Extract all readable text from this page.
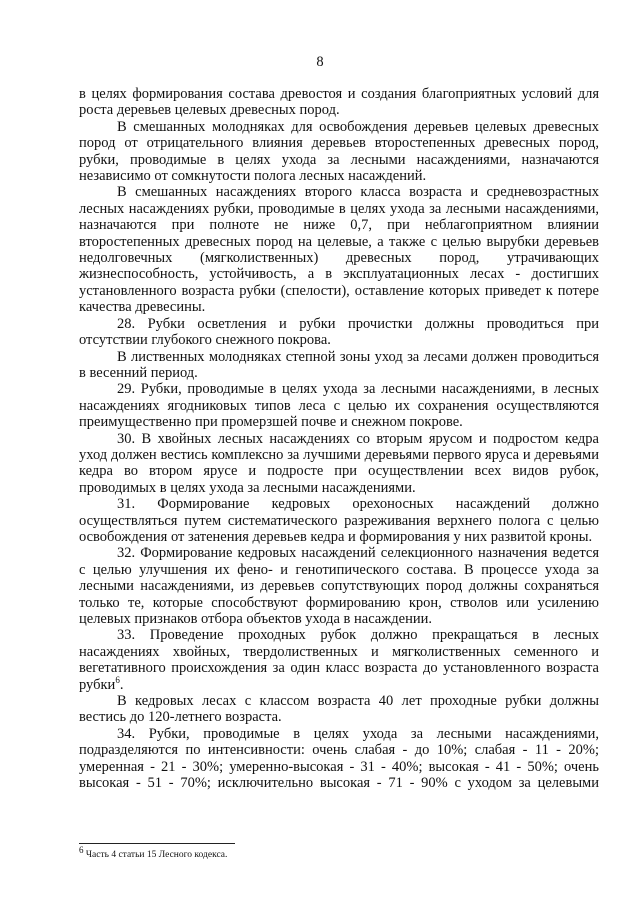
8

в целях формирования состава древостоя и создания благоприятных условий для роста деревьев целевых древесных пород.

В смешанных молодняках для освобождения деревьев целевых древесных пород от отрицательного влияния деревьев второстепенных древесных пород, рубки, проводимые в целях ухода за лесными насаждениями, назначаются независимо от сомкнутости полога лесных насаждений.

В смешанных насаждениях второго класса возраста и средневозрастных лесных насаждениях рубки, проводимые в целях ухода за лесными насаждениями, назначаются при полноте не ниже 0,7, при неблагоприятном влиянии второстепенных древесных пород на целевые, а также с целью вырубки деревьев недолговечных (мягколиственных) древесных пород, утрачивающих жизнеспособность, устойчивость, а в эксплуатационных лесах - достигших установленного возраста рубки (спелости), оставление которых приведет к потере качества древесины.

28. Рубки осветления и рубки прочистки должны проводиться при отсутствии глубокого снежного покрова.

В лиственных молодняках степной зоны уход за лесами должен проводиться в весенний период.

29. Рубки, проводимые в целях ухода за лесными насаждениями, в лесных насаждениях ягодниковых типов леса с целью их сохранения осуществляются преимущественно при промерзшей почве и снежном покрове.

30. В хвойных лесных насаждениях со вторым ярусом и подростом кедра уход должен вестись комплексно за лучшими деревьями первого яруса и деревьями кедра во втором ярусе и подросте при осуществлении всех видов рубок, проводимых в целях ухода за лесными насаждениями.

31. Формирование кедровых орехоносных насаждений должно осуществляться путем систематического разреживания верхнего полога с целью освобождения от затенения деревьев кедра и формирования у них развитой кроны.

32. Формирование кедровых насаждений селекционного назначения ведется с целью улучшения их фено- и генотипического состава. В процессе ухода за лесными насаждениями, из деревьев сопутствующих пород должны сохраняться только те, которые способствуют формированию крон, стволов или усилению целевых признаков отбора объектов ухода в насаждении.

33. Проведение проходных рубок должно прекращаться в лесных насаждениях хвойных, твердолиственных и мягколиственных семенного и вегетативного происхождения за один класс возраста до установленного возраста рубки$^6$.

В кедровых лесах с классом возраста 40 лет проходные рубки должны вестись до 120-летнего возраста.

34. Рубки, проводимые в целях ухода за лесными насаждениями, подразделяются по интенсивности: очень слабая - до 10%; слабая - 11 - 20%; умеренная - 21 - 30%; умеренно-высокая - 31 - 40%; высокая - 41 - 50%; очень высокая - 51 - 70%; исключительно высокая - 71 - 90% с уходом за целевыми

$^6$ Часть 4 статьи 15 Лесного кодекса.
